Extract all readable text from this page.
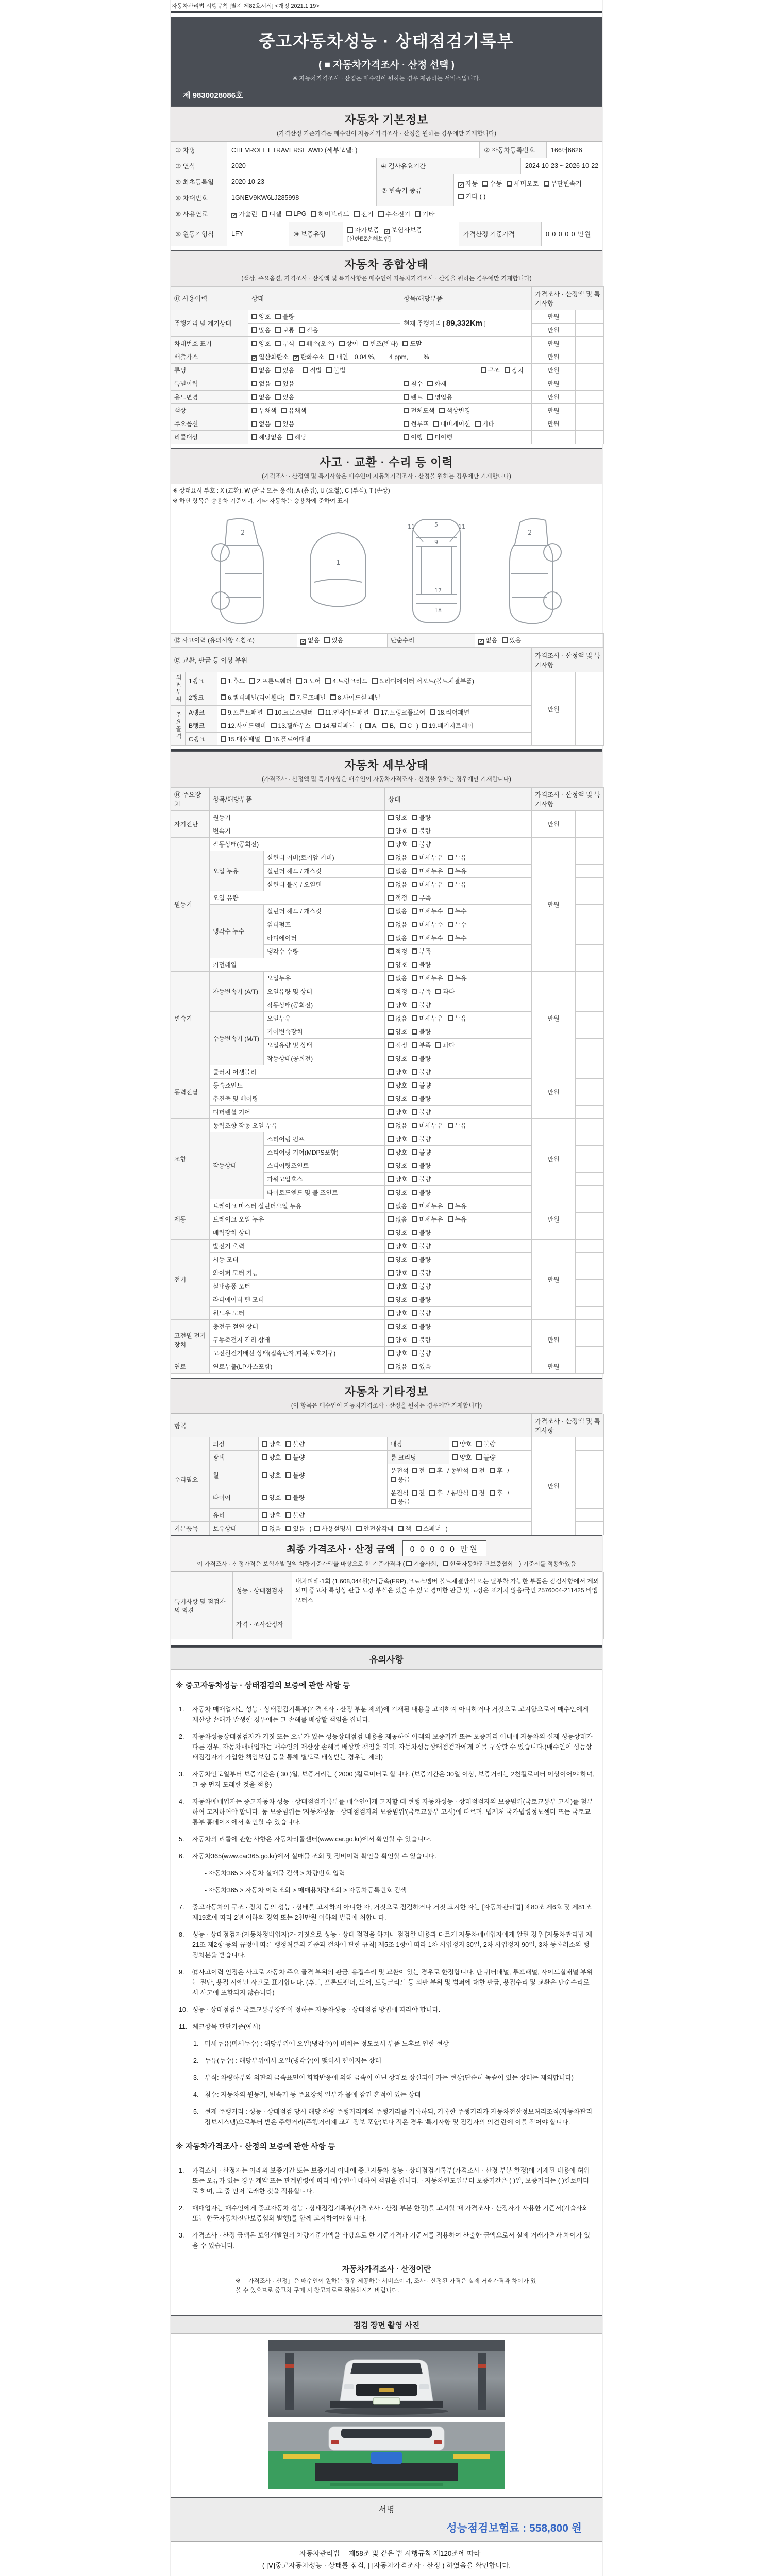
자동차관리법 시행규칙 [별지 제82호서식] <개정 2021.1.19>
중고자동차성능 · 상태점검기록부
( ■ 자동차가격조사 · 산정 선택 )
※ 자동차가격조사 · 산정은 매수인이 원하는 경우 제공하는 서비스입니다.
제 9830028086호
자동차 기본정보
(가격산정 기준가격은 매수인이 자동차가격조사 · 산정을 원하는 경우에만 기재합니다)
① 차명	CHEVROLET TRAVERSE AWD (세부모델: )	② 자동차등록번호	166더6626
③ 연식	2020	④ 검사유효기간	2024-10-23 ~ 2026-10-22
⑤ 최초등록일	2020-10-23
⑥ 차대번호	1GNEV9KW6LJ285998
⑦ 변속기 종류
✓ 자동	수동	세미오토	무단변속기
기타 ( )
⑧ 사용연료	✓ 가솔린	디젤	LPG	하이브리드	전기	수소전기	기타
⑨ 원동기형식	LFY	⑩ 보증유형
자가보증 ✓ 보험사보증
[신한EZ손해보험]
가격산정 기준가격	0 0 0 0 0 만원
자동차 종합상태
(색상, 주요옵션, 가격조사 · 산정액 및 특기사항은 매수인이 자동차가격조사 · 산정을 원하는 경우에만 기재합니다)
⑪ 사용이력	상태	항목/해당부품	가격조사 · 산정액 및 특기사항	
주행거리 및 계기상태	양호 불량	현재 주행거리 [ 89,332Km ]	만원	
	많음 보통 적음		만원	
차대번호 표기	양호 부식 훼손(오손) 상이 변조(변타) 도말		만원	
배출가스	✓ 일산화탄소 ✓ 탄화수소 매연 0.04 %,        4 ppm,         %		만원	
튜닝	없음 있음 적법 불법	구조 장치	만원	
특별이력	없음 있음	침수 화재	만원	
용도변경	없음 있음	렌트 영업용	만원	
색상	무채색 유채색	전체도색 색상변경	만원	
주요옵션	없음 있음	썬루프 네비게이션 기타	만원	
리콜대상	해당없음 해당	이행 미이행		
사고 · 교환 · 수리 등 이력
(가격조사 · 산정액 및 특기사항은 매수인이 자동차가격조사 · 산정을 원하는 경우에만 기재합니다)
※ 상태표시 부호 : X (교환), W (판금 또는 용접), A (흠집), U (요철), C (부식), T (손상)
※ 하단 항목은 승용차 기준이며, 기타 자동차는 승용차에 준하여 표시
2
1
11	11
5
9
17
18
2
⑫ 사고이력 (유의사항 4.참조)	✓ 없음 있음	단순수리	✓ 없음 있음
⑬ 교환, 판금 등 이상 부위			가격조사 · 산정액 및 특기사항	

외판부위	1랭크	1.후드 2.프론트휀더 3.도어 4.트렁크리드 5.라디에이터 서포트(볼트체결부품)	만원	
	2랭크	6.쿼터패널(리어휀다) 7.루프패널 8.사이드실 패널		

주요골격	A랭크	9.프론트패널 10.크로스멤버 11.인사이드패널 17.트렁크플로어 18.리어패널		
	B랭크	12.사이드멤버 13.휠하우스 14.필러패널 ( A, B, C ) 19.패키지트레이		
	C랭크	15.대쉬패널 16.플로어패널		
자동차 세부상태
(가격조사 · 산정액 및 특기사항은 매수인이 자동차가격조사 · 산정을 원하는 경우에만 기재합니다)
⑭ 주요장치	항목/해당부품		상태	가격조사 · 산정액 및 특기사항	
자기진단	원동기		양호 불량	만원	
	변속기		양호 불량		
원동기	작동상태(공회전)		양호 불량	만원	
	오일 누유	실린더 커버(로커암 커버)	없음 미세누유 누유		
		실린더 헤드 / 개스킷	없음 미세누유 누유		
		실린더 블록 / 오일팬	없음 미세누유 누유		
	오일 유량		적정 부족		
	냉각수 누수	실린더 헤드 / 개스킷	없음 미세누수 누수		
		워터펌프	없음 미세누수 누수		
		라디에이터	없음 미세누수 누수		
		냉각수 수량	적정 부족		
	커먼레일		양호 불량		
변속기	자동변속기 (A/T)	오일누유	없음 미세누유 누유	만원	
		오일유량 및 상태	적정 부족 과다		
		작동상태(공회전)	양호 불량		
	수동변속기 (M/T)	오일누유	없음 미세누유 누유		
		기어변속장치	양호 불량		
		오일유량 및 상태	적정 부족 과다		
		작동상태(공회전)	양호 불량		
동력전달	클러치 어셈블리		양호 불량	만원	
	등속죠인트		양호 불량		
	추진축 및 베어링		양호 불량		
	디퍼렌셜 기어		양호 불량		
조향	동력조향 작동 오일 누유		없음 미세누유 누유	만원	
	작동상태	스티어링 펌프	양호 불량		
		스티어링 기어(MDPS포함)	양호 불량		
		스티어링조인트	양호 불량		
		파워고압호스	양호 불량		
		타이로드엔드 및 볼 조인트	양호 불량		
제동	브레이크 마스터 실린더오일 누유		없음 미세누유 누유	만원	
	브레이크 오일 누유		없음 미세누유 누유		
	배력장치 상태		양호 불량		
전기	발전기 출력		양호 불량	만원	
	시동 모터		양호 불량		
	와이퍼 모터 기능		양호 불량		
	실내송풍 모터		양호 불량		
	라디에이터 팬 모터		양호 불량		
	윈도우 모터		양호 불량		
고전원 전기장치	충전구 절연 상태		양호 불량	만원	
	구동축전지 격리 상태		양호 불량		
	고전원전기배선 상태(접속단자,피복,보호기구)		양호 불량		
연료	연료누출(LP가스포함)		없음 있음	만원	
자동차 기타정보
(이 항목은 매수인이 자동차가격조사 · 산정을 원하는 경우에만 기재합니다)
항목					가격조사 · 산정액 및 특기사항	
수리필요	외장	양호 불량	내장	양호 불량	만원	
	광택	양호 불량	룸 크리닝	양호 불량		
	휠	양호 불량	운전석 전 후 / 동반석 전 후 /응급			
	타이어	양호 불량	운전석 전 후 / 동반석 전 후 /응급			
	유리	양호 불량				
기본품목	보유상태	없음 있음 ( 사용설명서 안전삼각대 잭 스패너 )				
최종 가격조사 · 산정 금액	0 0 0 0 0 만원
이 가격조사 · 산정가격은 보험개발원의 차량기준가액을 바탕으로 한 기준가격과 ( 기술사회, 한국자동차진단보증협회 ) 기준서를 적용하였음
특기사항 및 점검자의 의견	성능 · 상태점검자	내차피해-1회 (1,608,044원)/비금속(FRP),크로스멤버 볼트체결방식 또는 탈부착 가능한 부품은 점검사항에서 제외되며 중고차 특성상 판금 도장 부식은 있을 수 있고 경미한 판금 및 도장은 표기치 않음/국민 2576004-211425 비엠모터스
	가격 · 조사산정자	
유의사항
※ 중고자동차성능 · 상태점검의 보증에 관한 사항 등
1.	자동차 매매업자는 성능 · 상태점검기록부(가격조사 · 산정 부분 제외)에 기재된 내용을 고지하지 아니하거나 거짓으로 고지함으로써 매수인에게 재산상 손해가 발생한 경우에는 그 손해를 배상할 책임을 집니다.
2.	자동차성능상태점검자가 거짓 또는 오류가 있는 성능상태점검 내용을 제공하여 아래의 보증기간 또는 보증거리 이내에 자동차의 실제 성능상태가 다른 경우, 자동차매매업자는 매수인의 재산상 손해를 배상할 책임을 지며, 자동차성능상태점검자에게 이를 구상할 수 있습니다.(매수인이 성능상태점검자가 가입한 책임보험 등을 통해 별도로 배상받는 경우는 제외)
3.	자동차인도일부터 보증기간은 ( 30 )일, 보증거리는 ( 2000 )킬로미터로 합니다. (보증기간은 30일 이상, 보증거리는 2천킬로미터 이상이어야 하며, 그 중 먼저 도래한 것을 적용)
4.	자동차매매업자는 중고자동차 성능 · 상태점검기록부를 매수인에게 고지할 때 현행 자동차성능 · 상태점검자의 보증범위(국토교통부 고시)를 첨부하여 고지하여야 합니다. 동 보증범위는 '자동차성능 · 상태점검자의 보증범위'(국토교통부 고시)에 따르며, 법제처 국가법령정보센터 또는 국토교통부 홈페이지에서 확인할 수 있습니다.
5.	자동차의 리콜에 관한 사항은 자동차리콜센터(www.car.go.kr)에서 확인할 수 있습니다.
6.	자동차365(www.car365.go.kr)에서 실매물 조회 및 정비이력 확인을 확인할 수 있습니다.
- 자동차365 > 자동차 실매물 검색 > 차량번호 입력
- 자동차365 > 자동차 이력조회 > 매매용차량조회 > 자동차등록번호 검색
7.	중고자동차의 구조 · 장치 등의 성능 · 상태를 고지하지 아니한 자, 거짓으로 점검하거나 거짓 고지한 자는 [자동차관리법] 제80조 제6호 및 제81조 제19호에 따라 2년 이하의 징역 또는 2천만원 이하의 벌금에 처합니다.
8.	성능 · 상태점검자(자동차정비업자)가 거짓으로 성능 · 상태 점검을 하거나 점검한 내용과 다르게 자동차매매업자에게 알린 경우 [자동차관리법 제21조 제2항 등의 규정에 따른 행정처분의 기준과 절차에 관한 규칙] 제5조 1항에 따라 1차 사업정지 30일, 2차 사업정지 90일, 3차 등록취소의 행정처분을 받습니다.
9.	⑫사고이력 인정은 사고로 자동차 주요 골격 부위의 판금, 용접수리 및 교환이 있는 경우로 한정합니다. 단 쿼터패널, 루프패널, 사이드실패널 부위는 절단, 용접 시에만 사고로 표기합니다. (후드, 프론트펜더, 도어, 트렁크리드 등 외판 부위 및 범퍼에 대한 판금, 용접수리 및 교환은 단순수리로서 사고에 포함되지 않습니다)
10. 성능 · 상태점검은 국토교통부장관이 정하는 자동차성능 · 상태점검 방법에 따라야 합니다.
11. 체크항목 판단기준(예시)
1. 미세누유(미세누수) : 해당부위에 오일(냉각수)이 비치는 정도로서 부품 노후로 인한 현상
2. 누유(누수) : 해당부위에서 오일(냉각수)이 맺혀서 떨어지는 상태
3. 부식: 차량하부와 외판의 금속표면이 화학반응에 의해 금속이 아닌 상태로 상실되어 가는 현상(단순히 녹슬어 있는 상태는 제외합니다)
4. 침수: 자동차의 원동기, 변속기 등 주요장치 일부가 물에 잠긴 흔적이 있는 상태
5. 현재 주행거리 : 성능 · 상태점검 당시 해당 차량 주행거리계의 주행거리를 기록하되, 기록한 주행거리가 자동차전산정보처리조직(자동차관리정보시스템)으로부터 받은 주행거리(주행거리계 교체 정보 포함)보다 적은 경우 '특기사항 및 점검자의 의견'란에 이를 적어야 합니다.
※ 자동차가격조사 · 산정의 보증에 관한 사항 등
1.	가격조사 · 산정자는 아래의 보증기간 또는 보증거리 이내에 중고자동차 성능 · 상태점검기록부(가격조사 · 산정 부분 한정)에 기재된 내용에 허위 또는 오류가 있는 경우 계약 또는 관계법령에 따라 매수인에 대하여 책임을 집니다. · 자동차인도일부터 보증기간은 ( )일, 보증거리는 ( )킬로미터로 하며, 그 중 먼저 도래한 것을 적용합니다.
2.	매매업자는 매수인에게 중고자동차 성능 · 상태점검기록부(가격조사 · 산정 부분 한정)를 고지할 때 가격조사 · 산정자가 사용한 기준서(기술사회 또는 한국자동차진단보증협회 발행)를 함께 고지하여야 합니다.
3.	가격조사 · 산정 금액은 보험개발원의 차량기준가액을 바탕으로 한 기준가격과 기준서를 적용하여 산출한 금액으로서 실제 거래가격과 차이가 있을 수 있습니다.
자동차가격조사 · 산정이란
※ 「가격조사 · 산정」은 매수인이 원하는 경우 제공하는 서비스이며, 조사 · 산정된 가격은 실제 거래가격과 차이가 있을 수 있으므로 중고차 구매 시 참고자료로 활용하시기 바랍니다.
점검 장면 촬영 사진
서명
성능점검보험료 : 558,800 원
「자동차관리법」 제58조 및 같은 법 시행규칙 제120조에 따라
( [Ⅴ]중고자동차성능 · 상태를 점검, [ ]자동차가격조사 · 산정 ) 하였음을 확인합니다.
